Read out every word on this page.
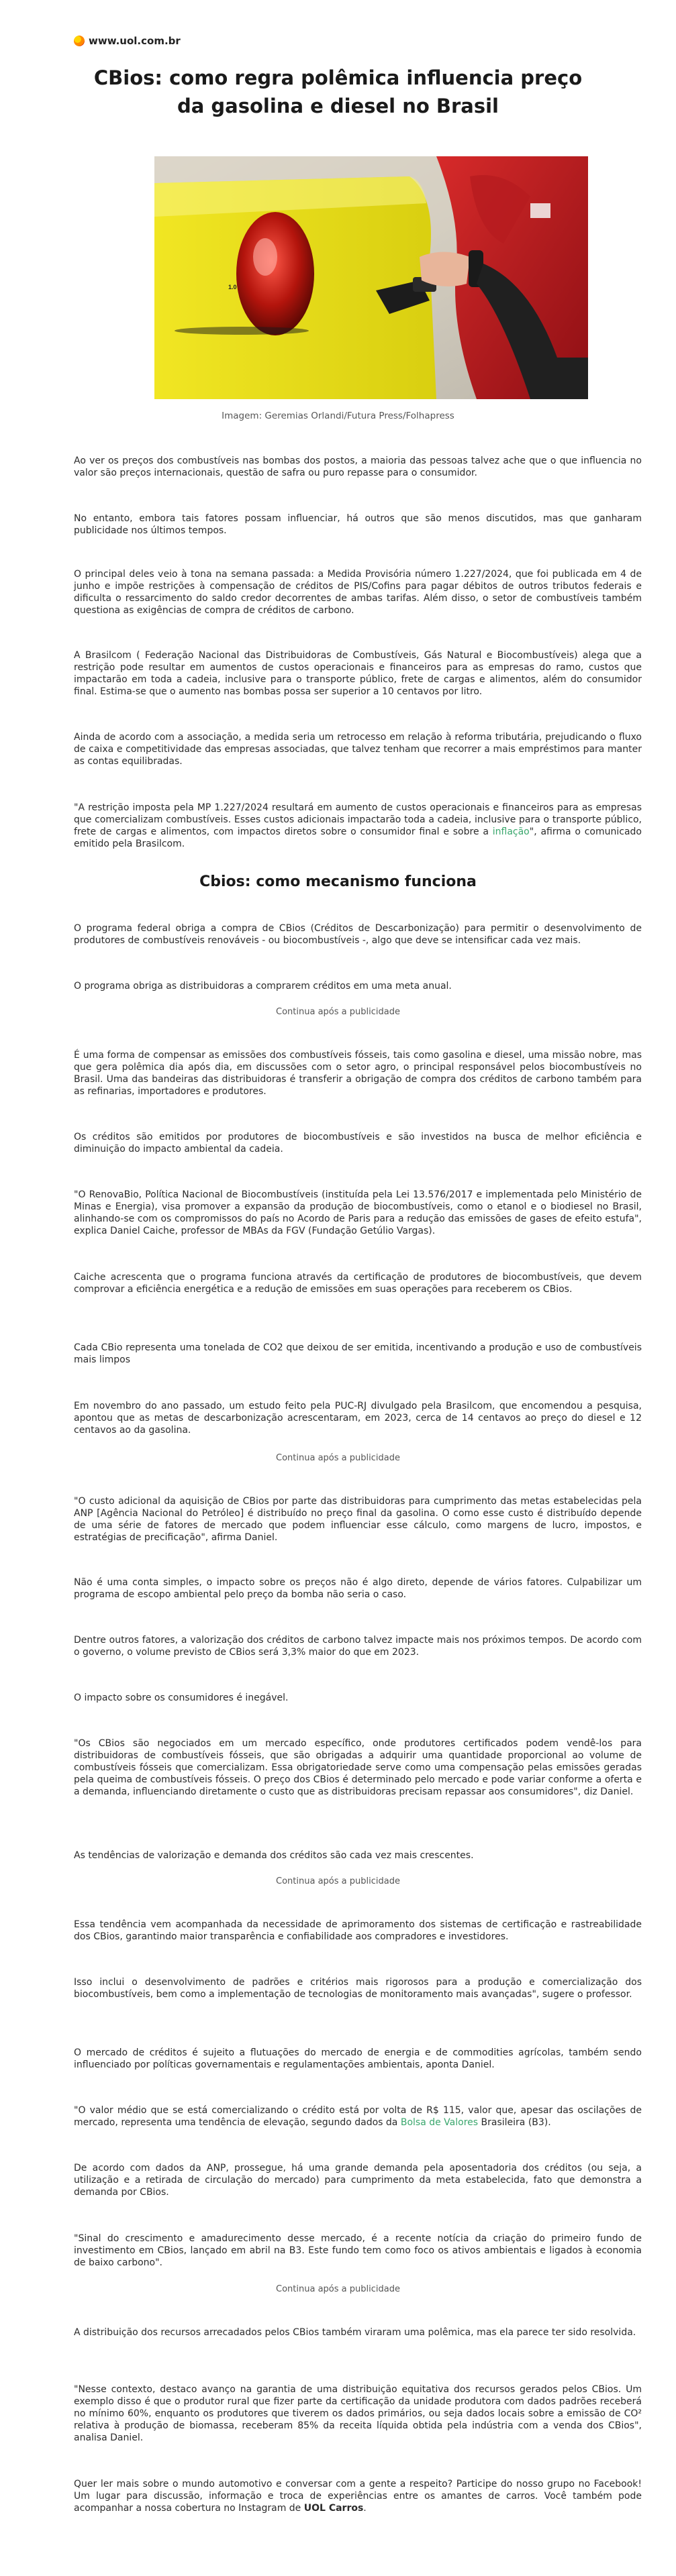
www.uol.com.br
CBios: como regra polêmica influencia preço da gasolina e diesel no Brasil
1.0
Imagem: Geremias Orlandi/Futura Press/Folhapress

Ao ver os preços dos combustíveis nas bombas dos postos, a maioria das pessoas talvez ache que o que influencia no valor são preços internacionais, questão de safra ou puro repasse para o consumidor.

No entanto, embora tais fatores possam influenciar, há outros que são menos discutidos, mas que ganharam publicidade nos últimos tempos.

O principal deles veio à tona na semana passada: a Medida Provisória número 1.227/2024, que foi publicada em 4 de junho e impõe restrições à compensação de créditos de PIS/Cofins para pagar débitos de outros tributos federais e dificulta o ressarcimento do saldo credor decorrentes de ambas tarifas. Além disso, o setor de combustíveis também questiona as exigências de compra de créditos de carbono.

A Brasilcom ( Federação Nacional das Distribuidoras de Combustíveis, Gás Natural e Biocombustíveis) alega que a restrição pode resultar em aumentos de custos operacionais e financeiros para as empresas do ramo, custos que impactarão em toda a cadeia, inclusive para o transporte público, frete de cargas e alimentos, além do consumidor final. Estima-se que o aumento nas bombas possa ser superior a 10 centavos por litro.

Ainda de acordo com a associação, a medida seria um retrocesso em relação à reforma tributária, prejudicando o fluxo de caixa e competitividade das empresas associadas, que talvez tenham que recorrer a mais empréstimos para manter as contas equilibradas.

"A restrição imposta pela MP 1.227/2024 resultará em aumento de custos operacionais e financeiros para as empresas que comercializam combustíveis. Esses custos adicionais impactarão toda a cadeia, inclusive para o transporte público, frete de cargas e alimentos, com impactos diretos sobre o consumidor final e sobre a inflação", afirma o comunicado emitido pela Brasilcom.

Cbios: como mecanismo funciona

O programa federal obriga a compra de CBios (Créditos de Descarbonização) para permitir o desenvolvimento de produtores de combustíveis renováveis - ou biocombustíveis -, algo que deve se intensificar cada vez mais.

O programa obriga as distribuidoras a comprarem créditos em uma meta anual.

Continua após a publicidade

É uma forma de compensar as emissões dos combustíveis fósseis, tais como gasolina e diesel, uma missão nobre, mas que gera polêmica dia após dia, em discussões com o setor agro, o principal responsável pelos biocombustíveis no Brasil. Uma das bandeiras das distribuidoras é transferir a obrigação de compra dos créditos de carbono também para as refinarias, importadores e produtores.

Os créditos são emitidos por produtores de biocombustíveis e são investidos na busca de melhor eficiência e diminuição do impacto ambiental da cadeia.

"O RenovaBio, Política Nacional de Biocombustíveis (instituída pela Lei 13.576/2017 e implementada pelo Ministério de Minas e Energia), visa promover a expansão da produção de biocombustíveis, como o etanol e o biodiesel no Brasil, alinhando-se com os compromissos do país no Acordo de Paris para a redução das emissões de gases de efeito estufa", explica Daniel Caiche, professor de MBAs da FGV (Fundação Getúlio Vargas).

Caiche acrescenta que o programa funciona através da certificação de produtores de biocombustíveis, que devem comprovar a eficiência energética e a redução de emissões em suas operações para receberem os CBios.

Cada CBio representa uma tonelada de CO2 que deixou de ser emitida, incentivando a produção e uso de combustíveis mais limpos

Em novembro do ano passado, um estudo feito pela PUC-RJ divulgado pela Brasilcom, que encomendou a pesquisa, apontou que as metas de descarbonização acrescentaram, em 2023, cerca de 14 centavos ao preço do diesel e 12 centavos ao da gasolina.

Continua após a publicidade

"O custo adicional da aquisição de CBios por parte das distribuidoras para cumprimento das metas estabelecidas pela ANP [Agência Nacional do Petróleo] é distribuído no preço final da gasolina. O como esse custo é distribuído depende de uma série de fatores de mercado que podem influenciar esse cálculo, como margens de lucro, impostos, e estratégias de precificação", afirma Daniel.

Não é uma conta simples, o impacto sobre os preços não é algo direto, depende de vários fatores. Culpabilizar um programa de escopo ambiental pelo preço da bomba não seria o caso.

Dentre outros fatores, a valorização dos créditos de carbono talvez impacte mais nos próximos tempos. De acordo com o governo, o volume previsto de CBios será 3,3% maior do que em 2023.

O impacto sobre os consumidores é inegável.

"Os CBios são negociados em um mercado específico, onde produtores certificados podem vendê-los para distribuidoras de combustíveis fósseis, que são obrigadas a adquirir uma quantidade proporcional ao volume de combustíveis fósseis que comercializam. Essa obrigatoriedade serve como uma compensação pelas emissões geradas pela queima de combustíveis fósseis. O preço dos CBios é determinado pelo mercado e pode variar conforme a oferta e a demanda, influenciando diretamente o custo que as distribuidoras precisam repassar aos consumidores", diz Daniel.

As tendências de valorização e demanda dos créditos são cada vez mais crescentes.

Continua após a publicidade

Essa tendência vem acompanhada da necessidade de aprimoramento dos sistemas de certificação e rastreabilidade dos CBios, garantindo maior transparência e confiabilidade aos compradores e investidores.

Isso inclui o desenvolvimento de padrões e critérios mais rigorosos para a produção e comercialização dos biocombustíveis, bem como a implementação de tecnologias de monitoramento mais avançadas", sugere o professor.

O mercado de créditos é sujeito a flutuações do mercado de energia e de commodities agrícolas, também sendo influenciado por políticas governamentais e regulamentações ambientais, aponta Daniel.

"O valor médio que se está comercializando o crédito está por volta de R$ 115, valor que, apesar das oscilações de mercado, representa uma tendência de elevação, segundo dados da Bolsa de Valores Brasileira (B3).

De acordo com dados da ANP, prossegue, há uma grande demanda pela aposentadoria dos créditos (ou seja, a utilização e a retirada de circulação do mercado) para cumprimento da meta estabelecida, fato que demonstra a demanda por CBios.

"Sinal do crescimento e amadurecimento desse mercado, é a recente notícia da criação do primeiro fundo de investimento em CBios, lançado em abril na B3. Este fundo tem como foco os ativos ambientais e ligados à economia de baixo carbono".

Continua após a publicidade

A distribuição dos recursos arrecadados pelos CBios também viraram uma polêmica, mas ela parece ter sido resolvida.

"Nesse contexto, destaco avanço na garantia de uma distribuição equitativa dos recursos gerados pelos CBios. Um exemplo disso é que o produtor rural que fizer parte da certificação da unidade produtora com dados padrões receberá no mínimo 60%, enquanto os produtores que tiverem os dados primários, ou seja dados locais sobre a emissão de CO² relativa à produção de biomassa, receberam 85% da receita líquida obtida pela indústria com a venda dos CBios", analisa Daniel.

Quer ler mais sobre o mundo automotivo e conversar com a gente a respeito? Participe do nosso grupo no Facebook! Um lugar para discussão, informação e troca de experiências entre os amantes de carros. Você também pode acompanhar a nossa cobertura no Instagram de UOL Carros.
